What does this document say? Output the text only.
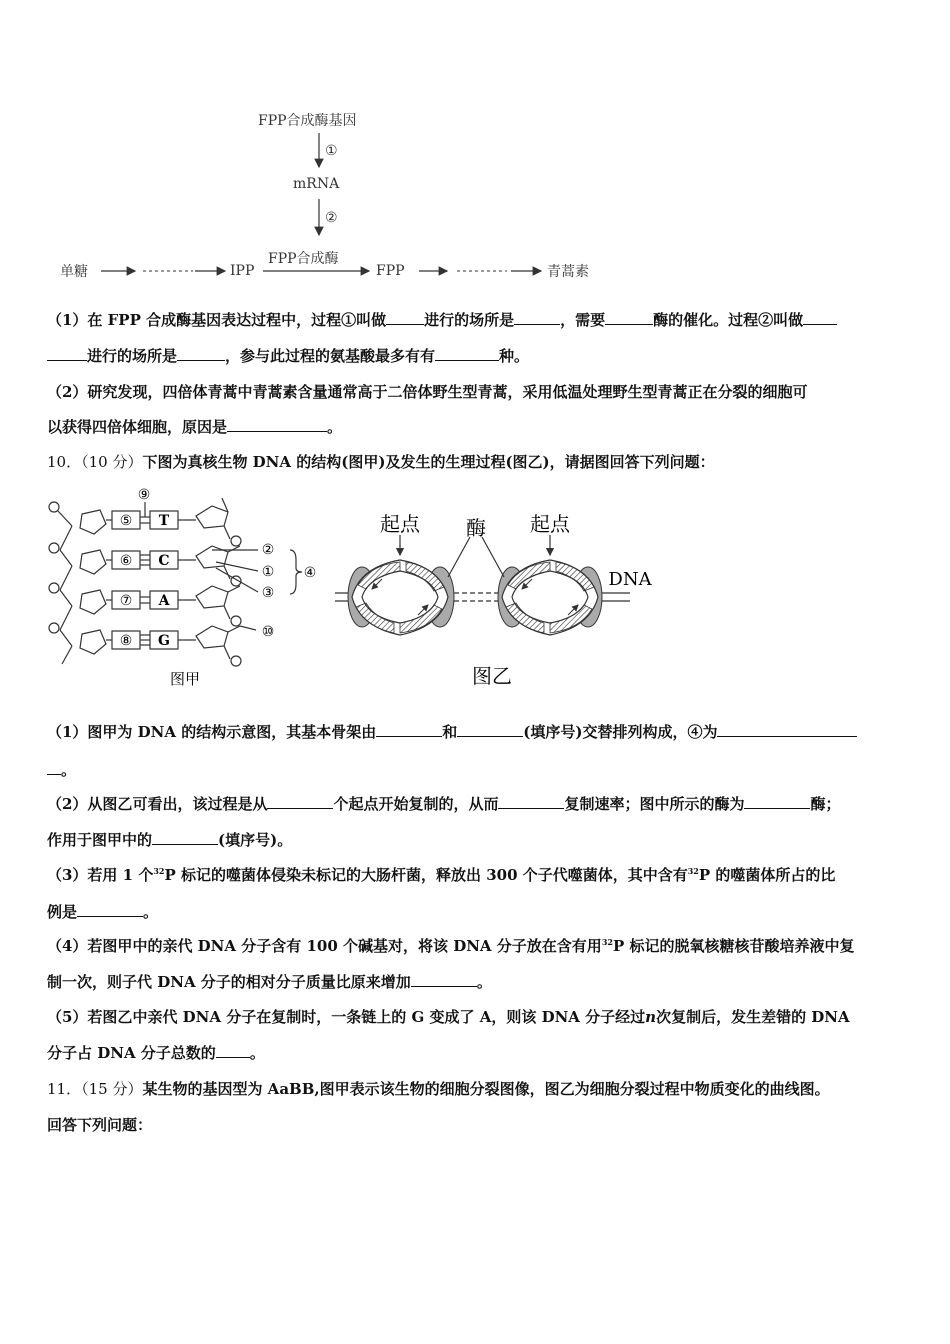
FPP合成酶基因
①
mRNA
②
FPP合成酶
单糖	IPP	FPP	青蒿素
（1）在 FPP 合成酶基因表达过程中，过程①叫做	进行的场所是	，需要	酶的催化。过程②叫做
进行的场所是	，参与此过程的氨基酸最多有有	种。
（2）研究发现，四倍体青蒿中青蒿素含量通常高于二倍体野生型青蒿，采用低温处理野生型青蒿正在分裂的细胞可
以获得四倍体细胞，原因是	。
10．（10 分）下图为真核生物 DNA 的结构(图甲)及发生的生理过程(图乙)，请据图回答下列问题：
⑤
⑥
⑦
⑧
T
C
A
G
⑨
②
①
③
④
⑩
图甲
起点	起点
酶
DNA
图乙
（1）图甲为 DNA 的结构示意图，其基本骨架由	和	(填序号)交替排列构成，④为
。
（2）从图乙可看出，该过程是从	个起点开始复制的，从而	复制速率；图中所示的酶为	酶；
作用于图甲中的	(填序号)。
（3）若用 1 个$^{32}$P 标记的噬菌体侵染未标记的大肠杆菌，释放出 300 个子代噬菌体，其中含有$^{32}$P 的噬菌体所占的比
例是	。
（4）若图甲中的亲代 DNA 分子含有 100 个碱基对，将该 DNA 分子放在含有用$^{32}$P 标记的脱氧核糖核苷酸培养液中复
制一次，则子代 DNA 分子的相对分子质量比原来增加	。
（5）若图乙中亲代 DNA 分子在复制时，一条链上的 G 变成了 A，则该 DNA 分子经过n次复制后，发生差错的 DNA
分子占 DNA 分子总数的 。
11．（15 分）某生物的基因型为 AaBB,图甲表示该生物的细胞分裂图像，图乙为细胞分裂过程中物质变化的曲线图。
回答下列问题：
